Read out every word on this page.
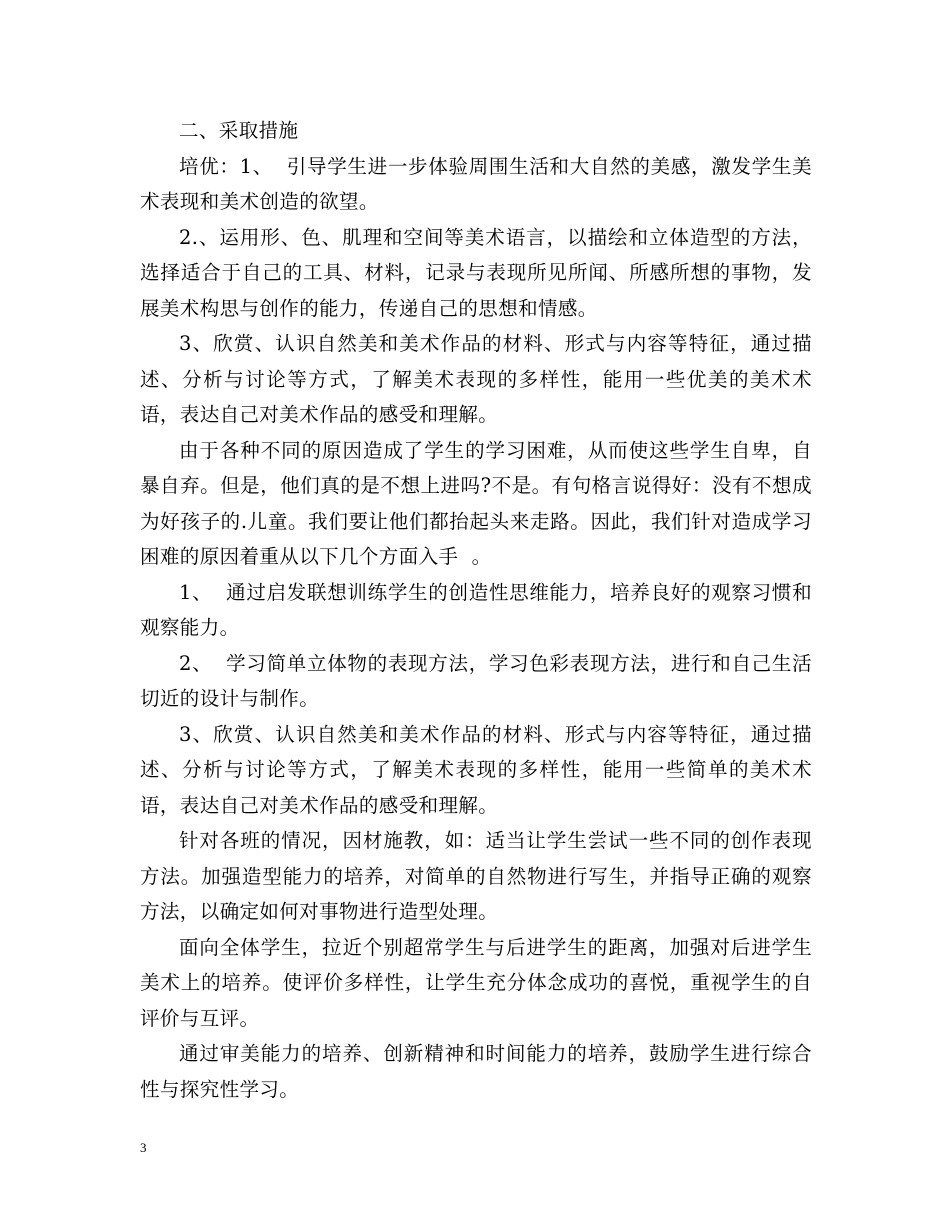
二、采取措施

培优：1、  引导学生进一步体验周围生活和大自然的美感，激发学生美术表现和美术创造的欲望。

2.、运用形、色、肌理和空间等美术语言，以描绘和立体造型的方法，选择适合于自己的工具、材料，记录与表现所见所闻、所感所想的事物，发展美术构思与创作的能力，传递自己的思想和情感。

3、欣赏、认识自然美和美术作品的材料、形式与内容等特征，通过描述、分析与讨论等方式，了解美术表现的多样性，能用一些优美的美术术语，表达自己对美术作品的感受和理解。

由于各种不同的原因造成了学生的学习困难，从而使这些学生自卑，自暴自弃。但是，他们真的是不想上进吗?不是。有句格言说得好：没有不想成为好孩子的.儿童。我们要让他们都抬起头来走路。因此，我们针对造成学习困难的原因着重从以下几个方面入手  。

1、  通过启发联想训练学生的创造性思维能力，培养良好的观察习惯和观察能力。

2、  学习简单立体物的表现方法，学习色彩表现方法，进行和自己生活切近的设计与制作。

3、欣赏、认识自然美和美术作品的材料、形式与内容等特征，通过描述、分析与讨论等方式，了解美术表现的多样性，能用一些简单的美术术语，表达自己对美术作品的感受和理解。

针对各班的情况，因材施教，如：适当让学生尝试一些不同的创作表现方法。加强造型能力的培养，对简单的自然物进行写生，并指导正确的观察方法，以确定如何对事物进行造型处理。

面向全体学生，拉近个别超常学生与后进学生的距离，加强对后进学生美术上的培养。使评价多样性，让学生充分体念成功的喜悦，重视学生的自评价与互评。

通过审美能力的培养、创新精神和时间能力的培养，鼓励学生进行综合性与探究性学习。

3
